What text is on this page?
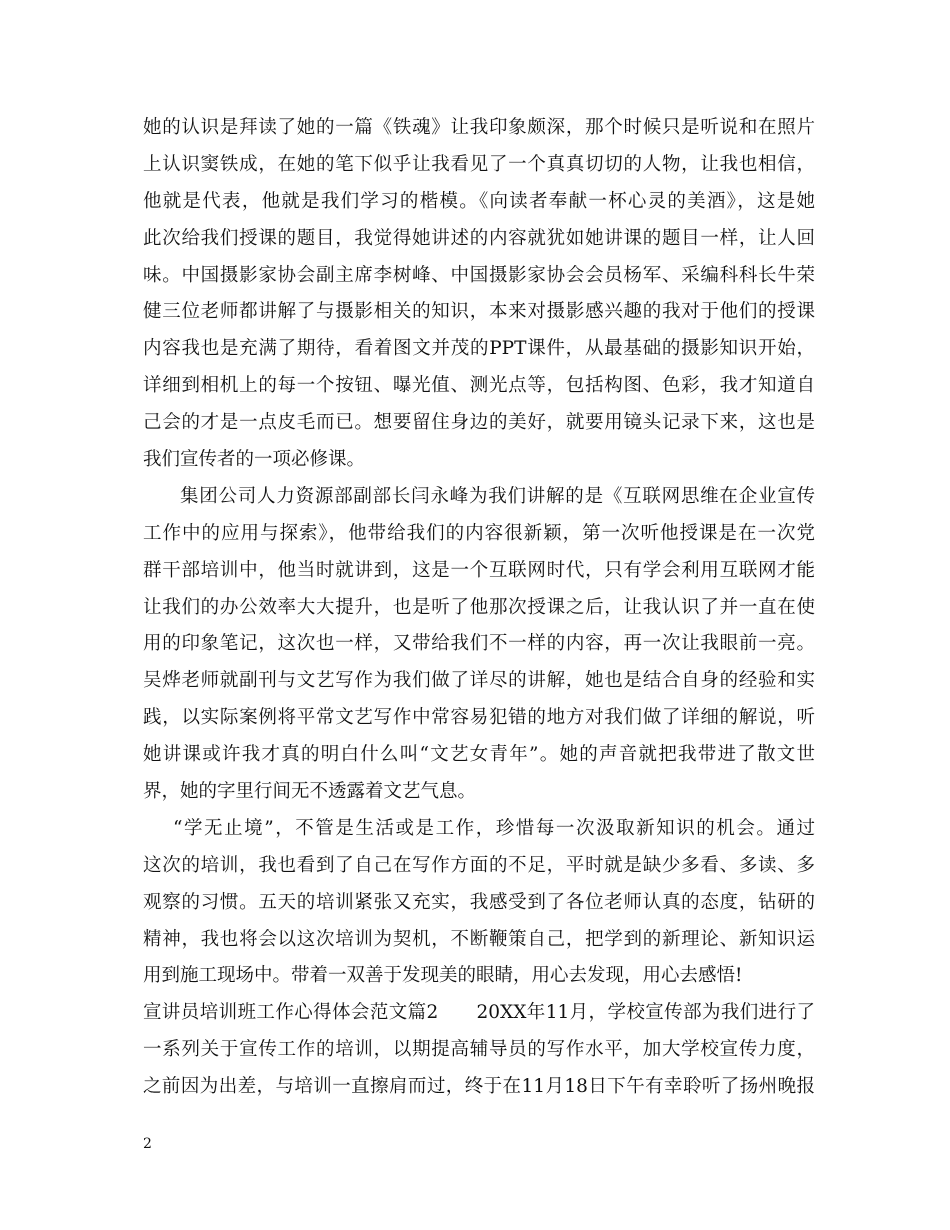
她的认识是拜读了她的一篇《铁魂》让我印象颇深，那个时候只是听说和在照片
上认识窦铁成，在她的笔下似乎让我看见了一个真真切切的人物，让我也相信，
他就是代表，他就是我们学习的楷模。《向读者奉献一杯心灵的美酒》，这是她
此次给我们授课的题目，我觉得她讲述的内容就犹如她讲课的题目一样，让人回
味。中国摄影家协会副主席李树峰、中国摄影家协会会员杨军、采编科科长牛荣
健三位老师都讲解了与摄影相关的知识，本来对摄影感兴趣的我对于他们的授课
内容我也是充满了期待，看着图文并茂的PPT课件，从最基础的摄影知识开始，
详细到相机上的每一个按钮、曝光值、测光点等，包括构图、色彩，我才知道自
己会的才是一点皮毛而已。想要留住身边的美好，就要用镜头记录下来，这也是
我们宣传者的一项必修课。
集团公司人力资源部副部长闫永峰为我们讲解的是《互联网思维在企业宣传
工作中的应用与探索》，他带给我们的内容很新颖，第一次听他授课是在一次党
群干部培训中，他当时就讲到，这是一个互联网时代，只有学会利用互联网才能
让我们的办公效率大大提升，也是听了他那次授课之后，让我认识了并一直在使
用的印象笔记，这次也一样，又带给我们不一样的内容，再一次让我眼前一亮。
吴烨老师就副刊与文艺写作为我们做了详尽的讲解，她也是结合自身的经验和实
践，以实际案例将平常文艺写作中常容易犯错的地方对我们做了详细的解说，听
她讲课或许我才真的明白什么叫“文艺女青年”。她的声音就把我带进了散文世
界，她的字里行间无不透露着文艺气息。
“学无止境”，不管是生活或是工作，珍惜每一次汲取新知识的机会。通过
这次的培训，我也看到了自己在写作方面的不足，平时就是缺少多看、多读、多
观察的习惯。五天的培训紧张又充实，我感受到了各位老师认真的态度，钻研的
精神，我也将会以这次培训为契机，不断鞭策自己，把学到的新理论、新知识运
用到施工现场中。带着一双善于发现美的眼睛，用心去发现，用心去感悟!
宣讲员培训班工作心得体会范文篇2　　20XX年11月，学校宣传部为我们进行了
一系列关于宣传工作的培训，以期提高辅导员的写作水平，加大学校宣传力度，
之前因为出差，与培训一直擦肩而过，终于在11月18日下午有幸聆听了扬州晚报
2
